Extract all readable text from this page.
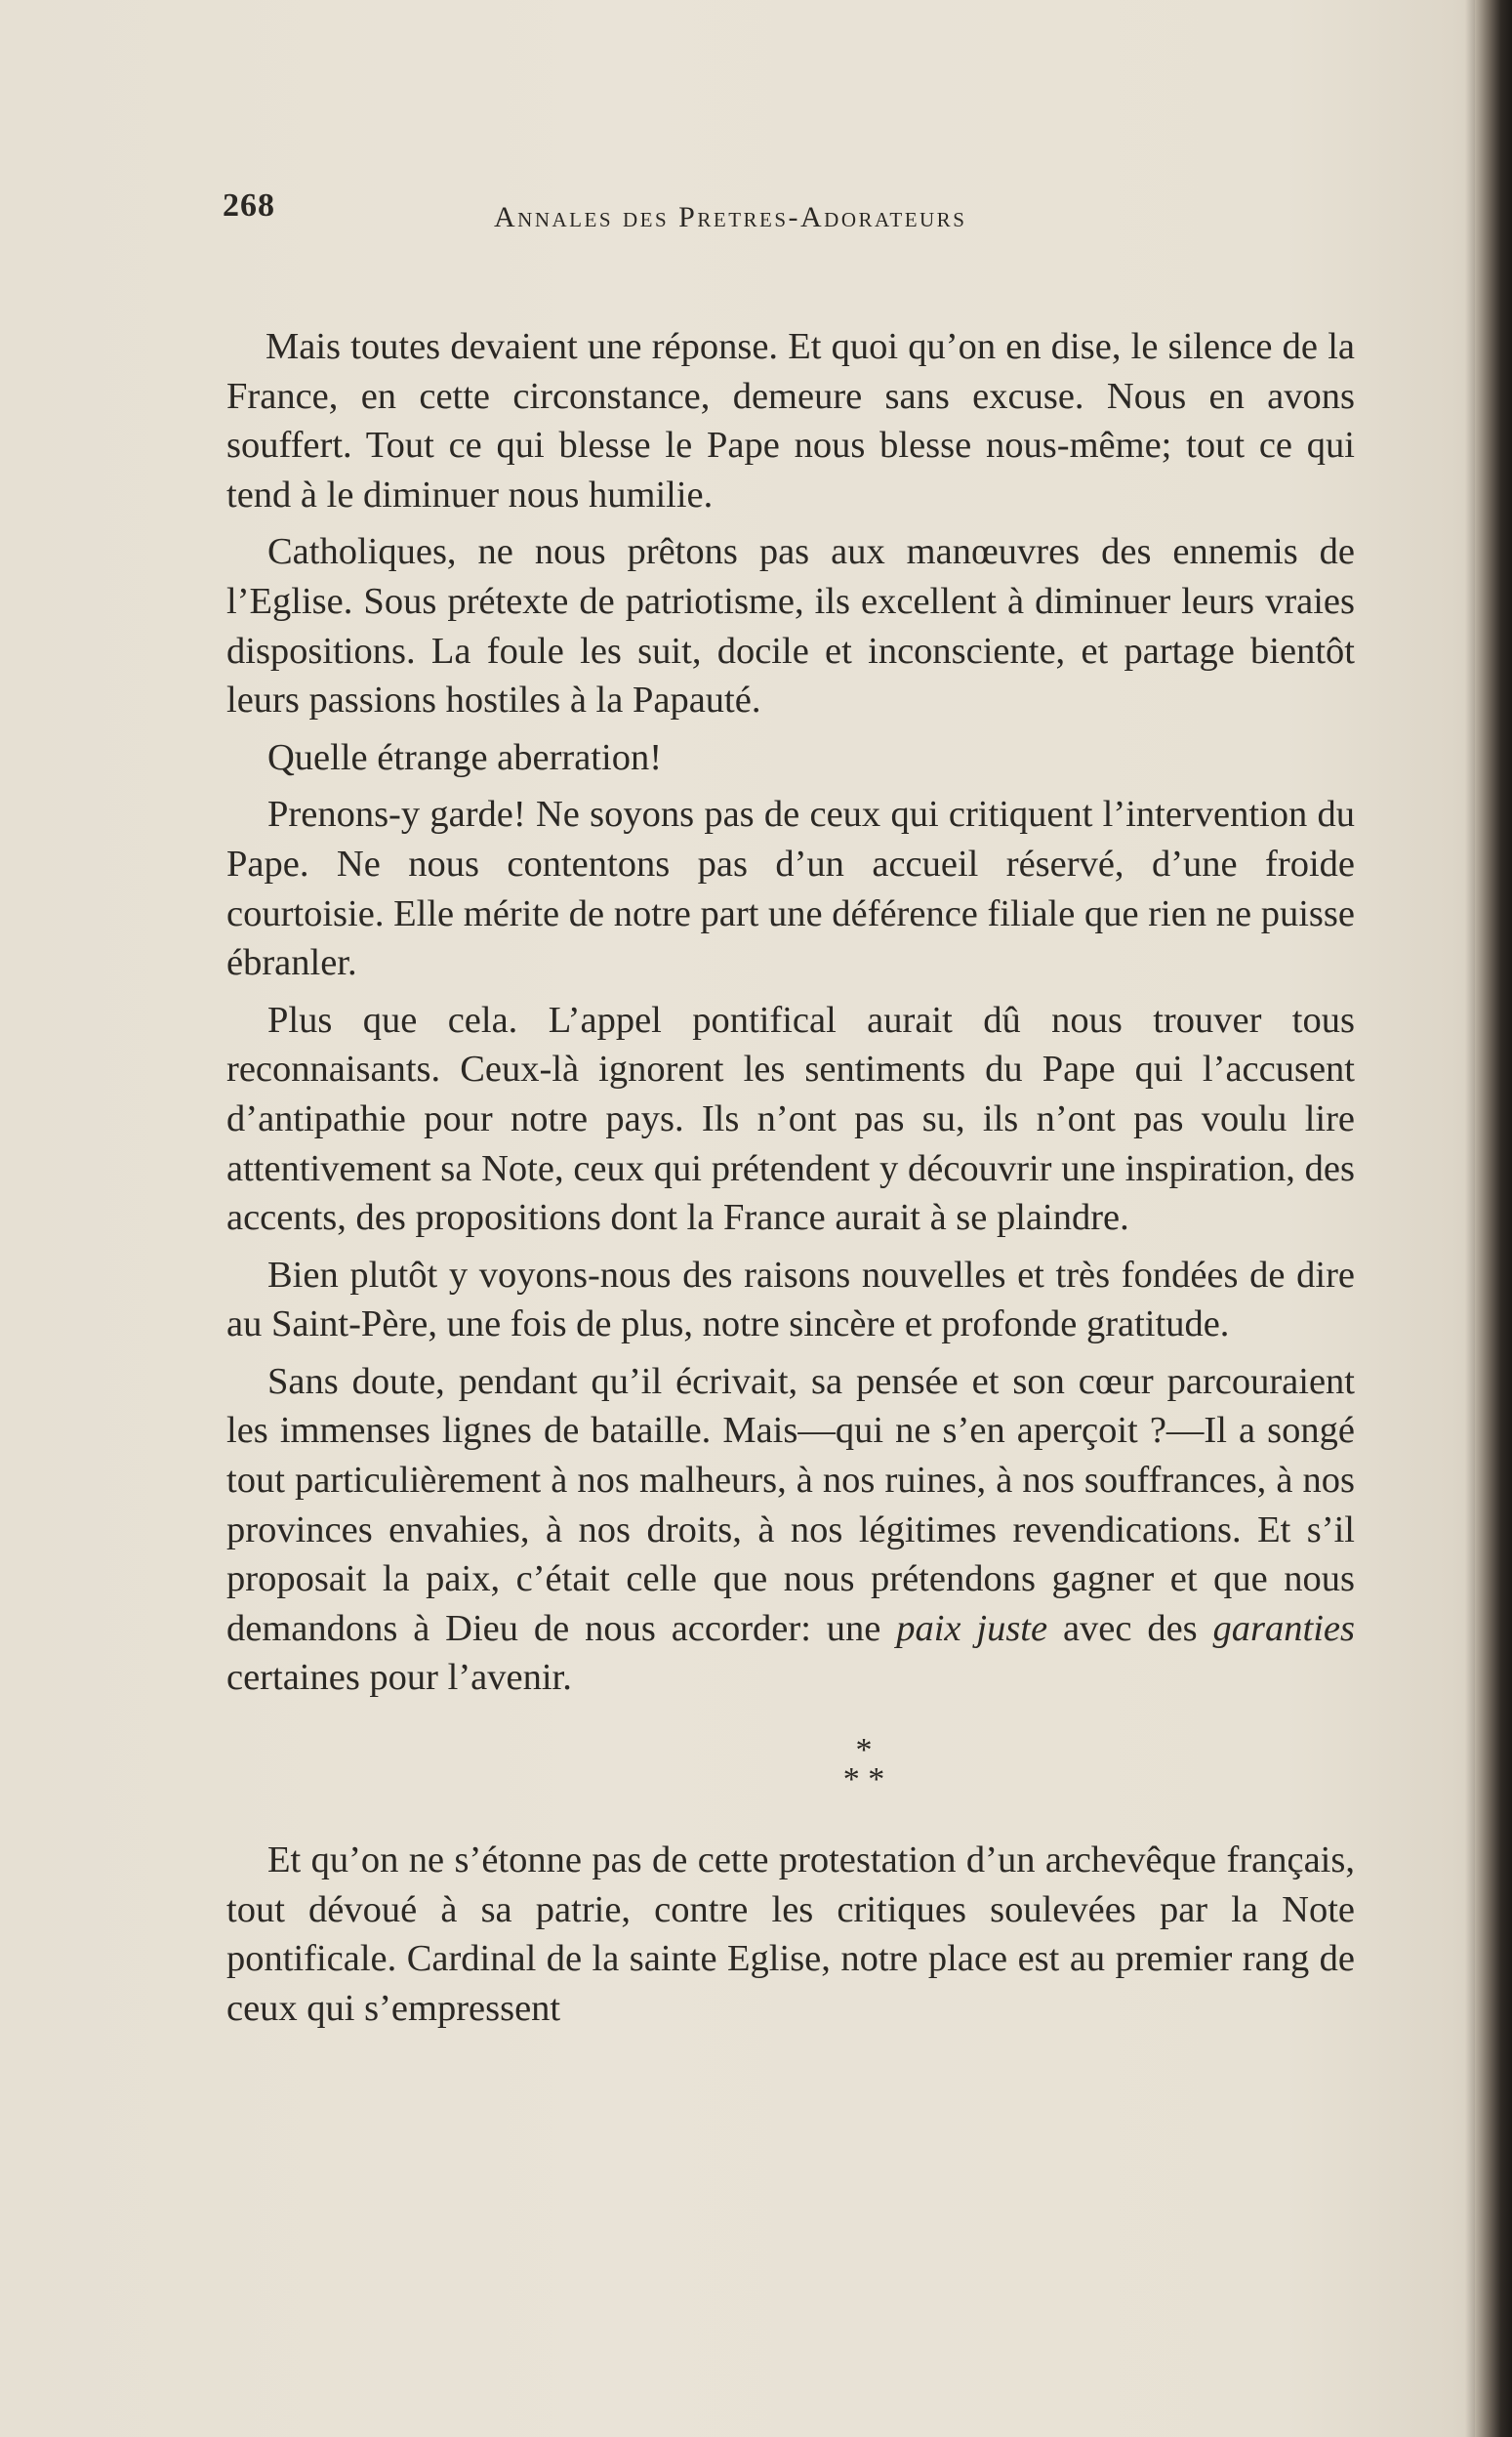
268	Annales des Pretres-Adorateurs

Mais toutes devaient une réponse. Et quoi qu’on en dise, le silence de la France, en cette circonstance, demeure sans excuse. Nous en avons souffert. Tout ce qui blesse le Pape nous blesse nous-même; tout ce qui tend à le diminuer nous humilie.

Catholiques, ne nous prêtons pas aux manœuvres des ennemis de l’Eglise. Sous prétexte de patriotisme, ils excellent à diminuer leurs vraies dispositions. La foule les suit, docile et inconsciente, et partage bientôt leurs passions hostiles à la Papauté.

Quelle étrange aberration!

Prenons-y garde! Ne soyons pas de ceux qui critiquent l’intervention du Pape. Ne nous contentons pas d’un accueil réservé, d’une froide courtoisie. Elle mérite de notre part une déférence filiale que rien ne puisse ébranler.

Plus que cela. L’appel pontifical aurait dû nous trouver tous reconnaisants. Ceux-là ignorent les sentiments du Pape qui l’accusent d’antipathie pour notre pays. Ils n’ont pas su, ils n’ont pas voulu lire attentivement sa Note, ceux qui prétendent y découvrir une inspiration, des accents, des propositions dont la France aurait à se plaindre.

Bien plutôt y voyons-nous des raisons nouvelles et très fondées de dire au Saint-Père, une fois de plus, notre sincère et profonde gratitude.

Sans doute, pendant qu’il écrivait, sa pensée et son cœur parcouraient les immenses lignes de bataille. Mais—qui ne s’en aperçoit ?—Il a songé tout particulièrement à nos malheurs, à nos ruines, à nos souffrances, à nos provinces envahies, à nos droits, à nos légitimes revendications. Et s’il proposait la paix, c’était celle que nous prétendons gagner et que nous demandons à Dieu de nous accorder: une paix juste avec des garanties certaines pour l’avenir.

*
* *

Et qu’on ne s’étonne pas de cette protestation d’un archevêque français, tout dévoué à sa patrie, contre les critiques soulevées par la Note pontificale. Cardinal de la sainte Eglise, notre place est au premier rang de ceux qui s’empressent
